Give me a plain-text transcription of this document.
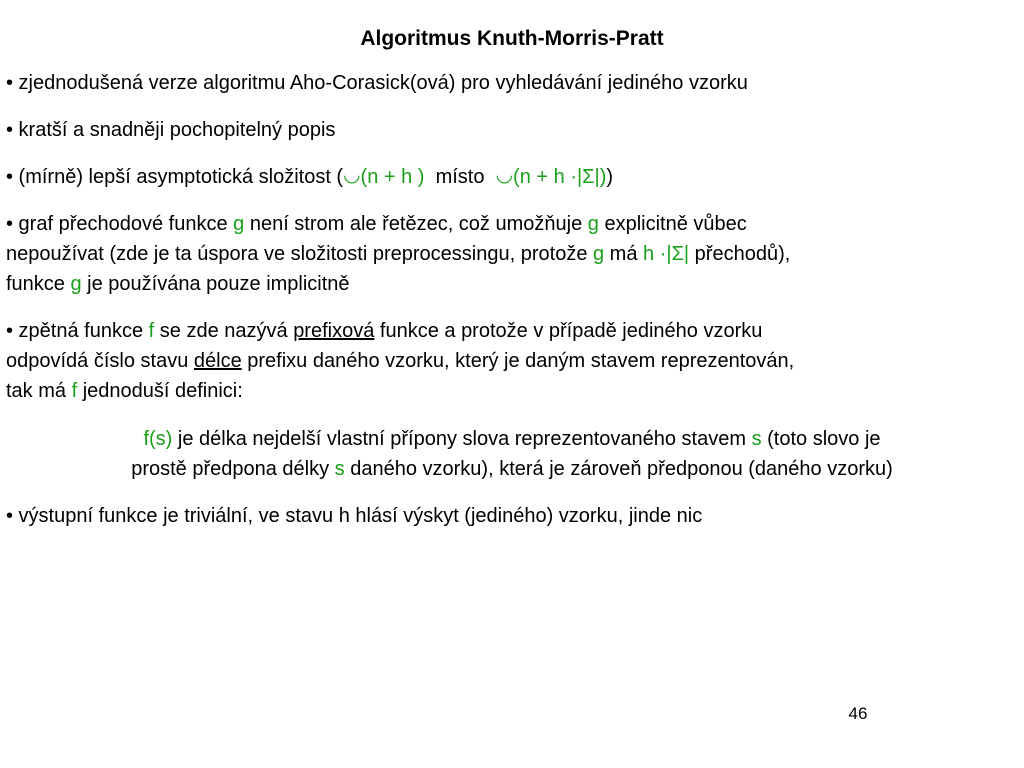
Algoritmus Knuth-Morris-Pratt
• zjednodušená verze algoritmu Aho-Corasick(ová) pro vyhledávání jediného vzorku
• kratší a snadněji pochopitelný popis
• (mírně) lepší asymptotická složitost (◡(n + h )  místo  ◡(n + h ·|Σ|))
• graf přechodové funkce g není strom ale řetězec, což umožňuje g explicitně vůbec
nepoužívat (zde je ta úspora ve složitosti preprocessingu, protože g má h ·|Σ| přechodů),
funkce g je používána pouze implicitně
• zpětná funkce f se zde nazývá prefixová funkce a protože v případě jediného vzorku
odpovídá číslo stavu délce prefixu daného vzorku, který je daným stavem reprezentován,
tak má f jednoduší definici:
f(s) je délka nejdelší vlastní přípony slova reprezentovaného stavem s (toto slovo je
prostě předpona délky s daného vzorku), která je zároveň předponou (daného vzorku)
• výstupní funkce je triviální, ve stavu h hlásí výskyt (jediného) vzorku, jinde nic
46
